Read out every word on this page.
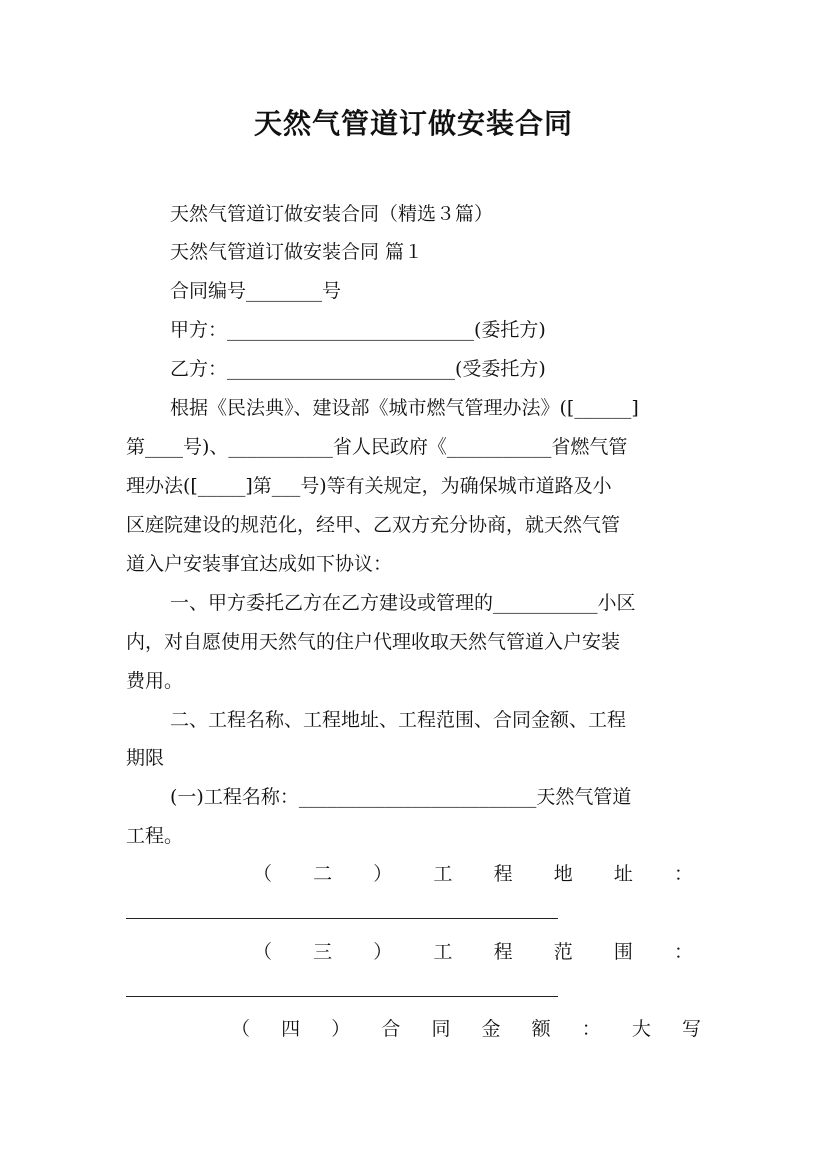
天然气管道订做安装合同
天然气管道订做安装合同（精选３篇）
天然气管道订做安装合同 篇１
合同编号________号
甲方：__________________________(委托方)
乙方：________________________(受委托方)
根据《民法典》、建设部《城市燃气管理办法》([______]
第____号)、___________省人民政府《___________省燃气管
理办法([_____]第___号)等有关规定，为确保城市道路及小
区庭院建设的规范化，经甲、乙双方充分协商，就天然气管
道入户安装事宜达成如下协议：
一、甲方委托乙方在乙方建设或管理的___________小区
内，对自愿使用天然气的住户代理收取天然气管道入户安装
费用。
二、工程名称、工程地址、工程范围、合同金额、工程
期限
(一)工程名称：_________________________天然气管道
工程。
（ 二 ） 工 程 地 址 ：
（ 三 ） 工 程 范 围 ：
（ 四 ） 合 同 金 额 ： 大 写
